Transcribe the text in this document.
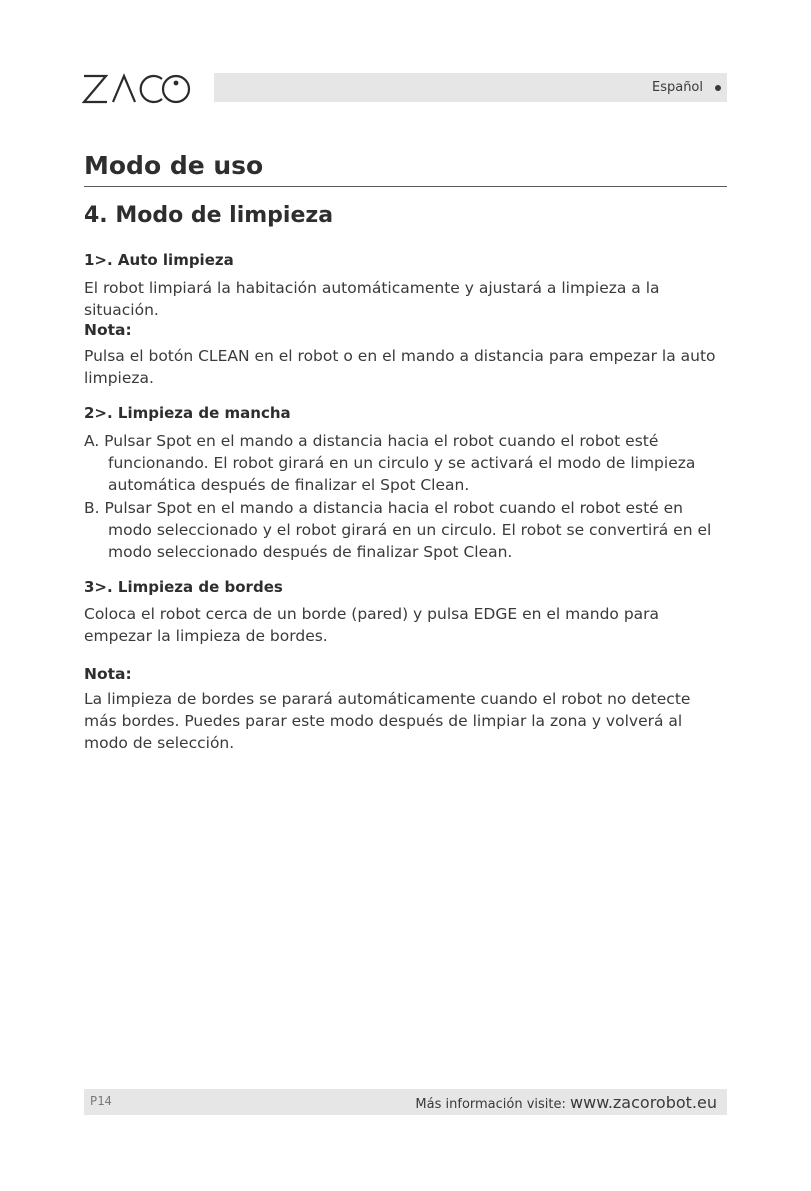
Español
Modo de uso
4. Modo de limpieza
1>. Auto limpieza
El robot limpiará la habitación automáticamente y ajustará a limpieza a la situación.
Nota:
Pulsa el botón CLEAN en el robot o en el mando a distancia para empezar la auto limpieza.
2>. Limpieza de mancha
A. Pulsar Spot en el mando a distancia hacia el robot cuando el robot esté funcionando. El robot girará en un circulo y se activará el modo de limpieza automática después de finalizar el Spot Clean.
B. Pulsar Spot en el mando a distancia hacia el robot cuando el robot esté en modo seleccionado y el robot girará en un circulo. El robot se convertirá en el modo seleccionado después de finalizar Spot Clean.
3>. Limpieza de bordes
Coloca el robot cerca de un borde (pared) y pulsa EDGE en el mando para empezar la limpieza de bordes.
Nota:
La limpieza de bordes se parará automáticamente cuando el robot no detecte más bordes. Puedes parar este modo después de limpiar la zona y volverá al modo de selección.
P14	Más información visite: www.zacorobot.eu
